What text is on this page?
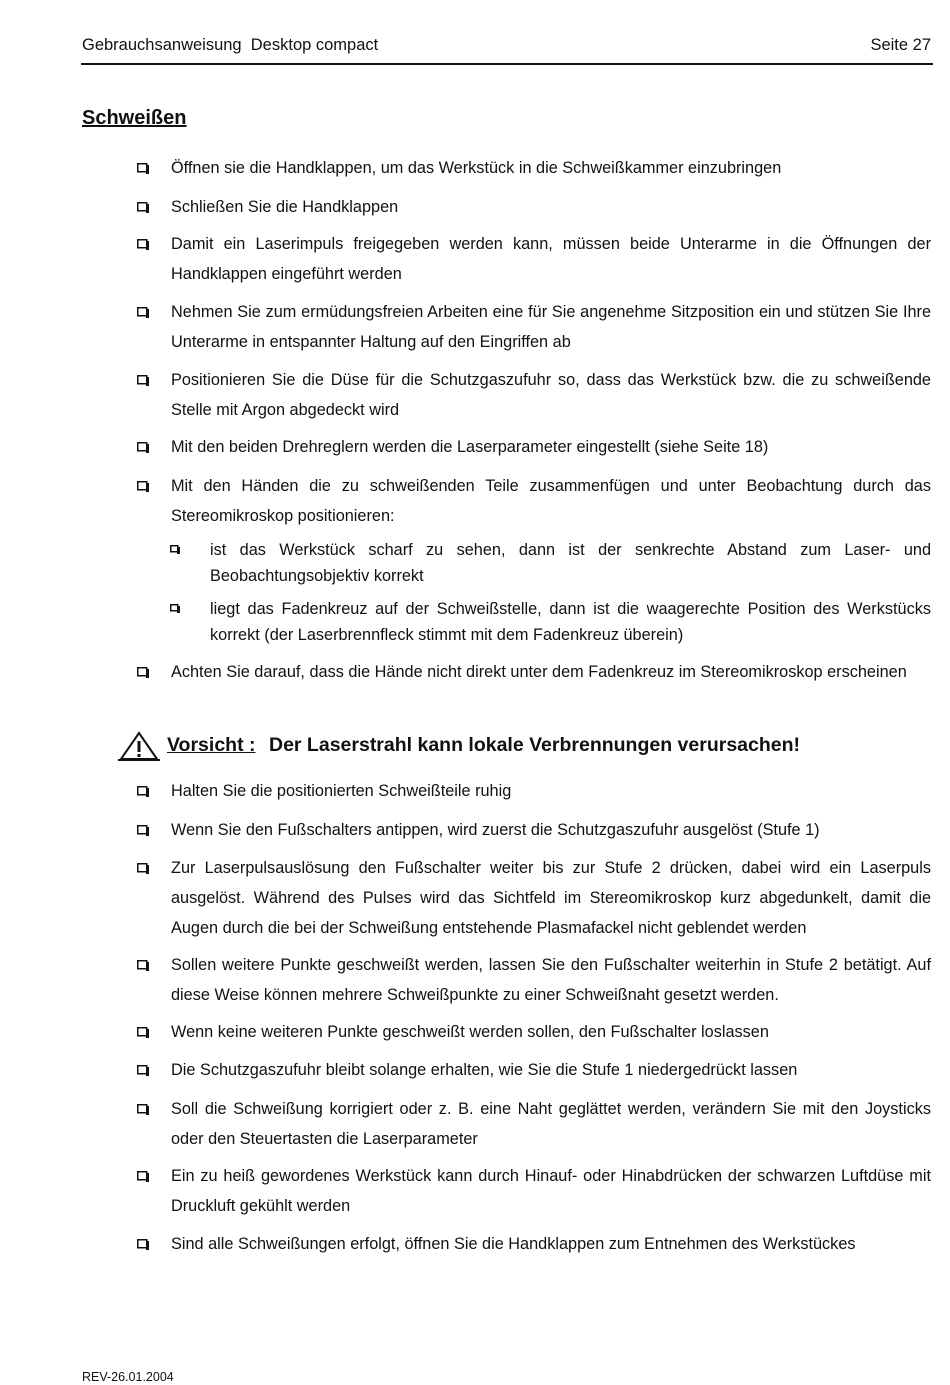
Gebrauchsanweisung  Desktop compact	Seite 27
Schweißen
Öffnen sie die Handklappen, um das Werkstück in die Schweißkammer einzubringen
Schließen Sie die Handklappen
Damit ein Laserimpuls freigegeben werden kann, müssen beide Unterarme in die Öffnungen der Handklappen eingeführt werden
Nehmen Sie zum ermüdungsfreien Arbeiten eine für Sie angenehme Sitzposition ein und stützen Sie Ihre Unterarme in entspannter Haltung auf den Eingriffen ab
Positionieren Sie die Düse für die Schutzgaszufuhr so, dass das Werkstück bzw. die zu schweißende Stelle mit Argon abgedeckt wird
Mit den beiden Drehreglern werden die Laserparameter eingestellt (siehe Seite 18)
Mit den Händen die zu schweißenden Teile zusammenfügen und unter Beobachtung durch das Stereomikroskop positionieren:
ist das Werkstück scharf zu sehen, dann ist der senkrechte Abstand zum Laser- und Beobachtungsobjektiv korrekt
liegt das Fadenkreuz auf der Schweißstelle, dann ist die waagerechte Position des Werkstücks korrekt (der Laserbrennfleck stimmt mit dem Fadenkreuz überein)
Achten Sie darauf, dass die Hände nicht direkt unter dem Fadenkreuz im Stereomikroskop erscheinen
Halten Sie die positionierten Schweißteile ruhig
Wenn Sie den Fußschalters antippen, wird zuerst die Schutzgaszufuhr ausgelöst (Stufe 1)
Zur Laserpulsauslösung den Fußschalter weiter bis zur Stufe 2 drücken, dabei wird ein Laserpuls ausgelöst. Während des Pulses wird das Sichtfeld im Stereomikroskop kurz abgedunkelt, damit die Augen durch die bei der Schweißung entstehende Plasmafackel nicht geblendet werden
Sollen weitere Punkte geschweißt werden, lassen Sie den Fußschalter weiterhin in Stufe 2 betätigt. Auf diese Weise können mehrere Schweißpunkte zu einer Schweißnaht gesetzt werden.
Wenn keine weiteren Punkte geschweißt werden sollen, den Fußschalter loslassen
Die Schutzgaszufuhr bleibt solange erhalten, wie Sie die Stufe 1 niedergedrückt lassen
Soll die Schweißung korrigiert oder z. B. eine Naht geglättet werden, verändern Sie mit den Joysticks oder den Steuertasten die Laserparameter
Ein zu heiß gewordenes Werkstück kann durch Hinauf- oder Hinabdrücken der schwarzen Luftdüse mit Druckluft gekühlt werden
Sind alle Schweißungen erfolgt, öffnen Sie die Handklappen zum Entnehmen des Werkstückes
Vorsicht : Der Laserstrahl kann lokale Verbrennungen verursachen!
REV-26.01.2004
